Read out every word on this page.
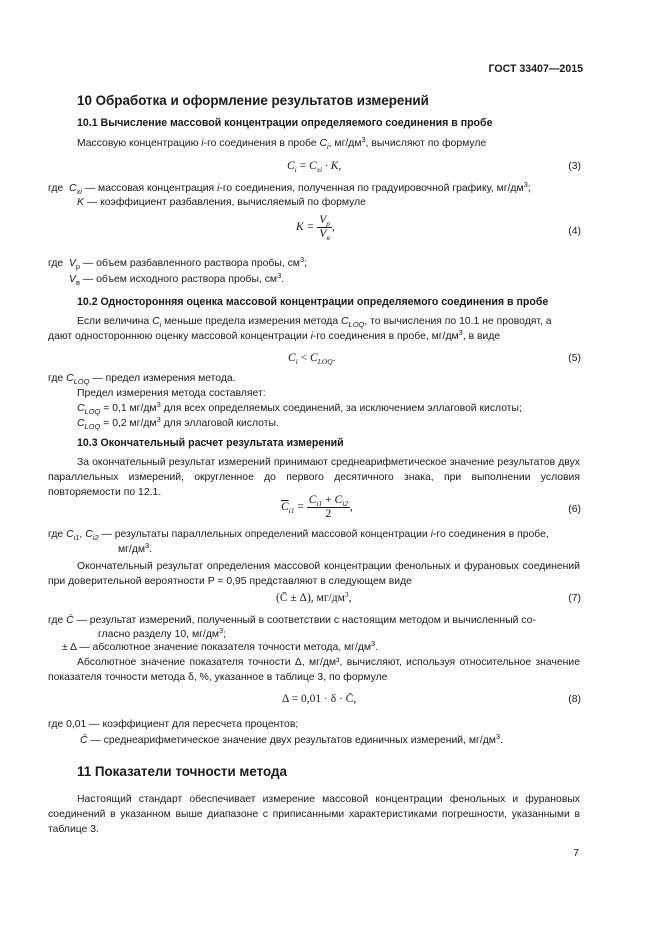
ГОСТ 33407—2015
10 Обработка и оформление результатов измерений
10.1 Вычисление массовой концентрации определяемого соединения в пробе
Массовую концентрацию i-го соединения в пробе $C_i$, $мг/дм^3$, вычисляют по формуле
$C_i = C_{xi} \cdot K$,	(3)
где $C_{xi}$ — массовая концентрация i-го соединения, полученная по градуировочной графику, $мг/дм^3$;
K — коэффициент разбавления, вычисляемый по формуле
$K = \frac{V_p}{V_в}$ ,	(4)
где $V_р$ — объем разбавленного раствора пробы, $см^3$;
$V_в$ — объем исходного раствора пробы, $см^3$.
10.2 Односторонняя оценка массовой концентрации определяемого соединения в пробе
Если величина $C_i$ меньше предела измерения метода $C_{LOQ}$, то вычисления по 10.1 не проводят, а
дают одностороннюю оценку массовой концентрации i-го соединения в пробе, $мг/дм^3$, в виде
$C_i < C_{LOQ}$.	(5)
где $C_{LOQ}$ — предел измерения метода.
Предел измерения метода составляет:
$C_{LOQ} = 0,1$ $мг/дм^3$ для всех определяемых соединений, за исключением эллаговой кислоты;
$C_{LOQ} = 0,2$ $мг/дм^3$ для эллаговой кислоты.
10.3 Окончательный расчет результата измерений
За окончательный результат измерений принимают среднеарифметическое значение результатов двух параллельных измерений, округленное до первого десятичного знака, при выполнении условия повторяемости по 12.1.
$\overline{C}_{i1} = \frac{C_{i1} + C_{i2}}{2}$ ,	(6)
где $C_{i1}$, $C_{i2}$ — результаты параллельных определений массовой концентрации i-го соединения в пробе,
$мг/дм^3$.
Окончательный результат определения массовой концентрации фенольных и фурановых соединений при доверительной вероятности P = 0,95 представляют в следующем виде
(C̄ ± Δ), $мг/дм^3$,	(7)
где C̄ — результат измерений, полученный в соответствии с настоящим методом и вычисленный со-
гласно разделу 10, $мг/дм^3$;
± Δ — абсолютное значение показателя точности метода, $мг/дм^3$.
Абсолютное значение показателя точности Δ, мг/дм³, вычисляют, используя относительное значение показателя точности метода δ, %, указанное в таблице 3, по формуле
Δ = 0,01 · δ · C̄,	(8)
где 0,01 — коэффициент для пересчета процентов;
C̄ — среднеарифметическое значение двух результатов единичных измерений, $мг/дм^3$.
11 Показатели точности метода
Настоящий стандарт обеспечивает измерение массовой концентрации фенольных и фурановых соединений в указанном выше диапазоне с приписанными характеристиками погрешности, указанными в таблице 3.
7
